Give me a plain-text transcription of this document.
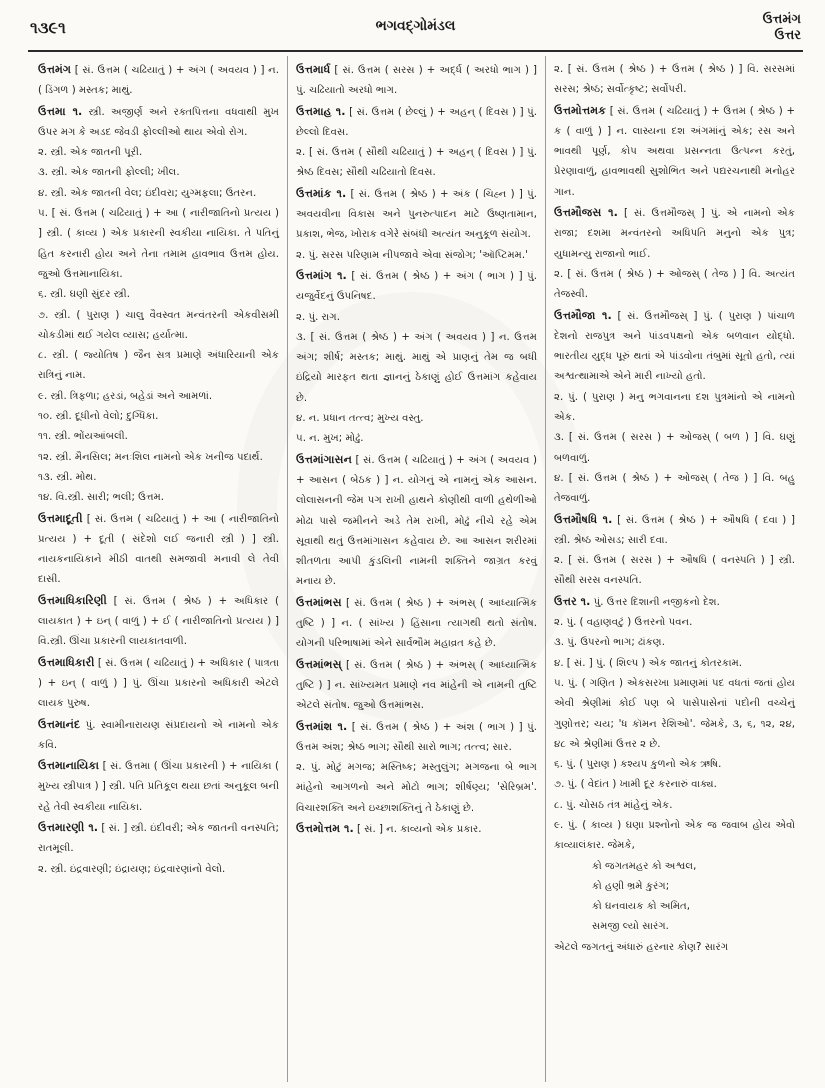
૧૩૯૧	ભગવદ્ગોમંડલ	ઉત્તમંગ
ઉત્તર

ઉત્તમંગ [ સં. ઉત્તમ ( ચઢિયાતું ) + અંગ ( અવયવ ) ] ન. ( ડિંગળ ) મસ્તક; માથું.

ઉત્તમા ૧. સ્ત્રી. અજીર્ણ અને રક્તપિત્તના વધવાથી મુખ ઉપર મગ કે અડદ જેવડી ફોલ્લીઓ થાય એવો રોગ.

૨. સ્ત્રી. એક જાતની પૂરી.

૩. સ્ત્રી. એક જાતની ફોલ્લી; ખીલ.

૪. સ્ત્રી. એક જાતની વેલ; ઇંદીવરા; યુગ્મફલા; ઉતરન.

૫. [ સં. ઉત્તમ ( ચઢિયાતું ) + આ ( નારીજાતિનો પ્રત્યય ) ] સ્ત્રી. ( કાવ્ય ) એક પ્રકારની સ્વકીયા નાયિકા. તે પતિનું હિત કરનારી હોય અને તેના તમામ હાવભાવ ઉત્તમ હોય. જુઓ ઉત્તમાનાયિકા.

૬. સ્ત્રી. ઘણી સુંદર સ્ત્રી.

૭. સ્ત્રી. ( પુરાણ ) ચાલુ વૈવસ્વત મન્વંતરની એકવીસમી ચોકડીમાં થઈ ગયેલ વ્યાસ; હર્યાત્મા.

૮. સ્ત્રી. ( જ્યોતિષ ) જૈન સત્ર પ્રમાણે અંધારિયાની એક રાત્રિનું નામ.

૯. સ્ત્રી. ત્રિફળા; હરડાં, બહેડાં અને આમળાં.

૧૦. સ્ત્રી. દૂધીનો વેલો; દુગ્ધિકા.

૧૧. સ્ત્રી. ભોંયઆંબલી.

૧૨. સ્ત્રી. મૈનસિલ; મનઃશિલ નામનો એક ખનીજ પદાર્થ.

૧૩. સ્ત્રી. મોથ.

૧૪. વિ.સ્ત્રી. સારી; ભલી; ઉત્તમ.

ઉત્તમાદૂતી [ સં. ઉત્તમ ( ચઢિયાતું ) + આ ( નારીજાતિનો પ્રત્યય ) + દૂતી ( સંદેશો લઈ જનારી સ્ત્રી ) ] સ્ત્રી. નાયકનાયિકાને મીઠી વાતથી સમજાવી મનાવી લે તેવી દાસી.

ઉત્તમાધિકારિણી [ સં. ઉત્તમ ( શ્રેષ્ઠ ) + અધિકાર ( લાયકાત ) + ઇન્ ( વાળું ) + ઈ ( નારીજાતિનો પ્રત્યય ) ] વિ.સ્ત્રી. ઊંચા પ્રકારની લાયકાતવાળી.

ઉત્તમાધિકારી [ સં. ઉત્તમ ( ચઢિયાતું ) + અધિકાર ( પાત્રતા ) + ઇન્ ( વાળું ) ] પું. ઊંચા પ્રકારનો અધિકારી એટલે લાયક પુરુષ.

ઉત્તમાનંદ પું. સ્વામીનારાયણ સંપ્રદાયનો એ નામનો એક કવિ.

ઉત્તમાનાયિકા [ સં. ઉત્તમા ( ઊંચા પ્રકારની ) + નાયિકા ( મુખ્ય સ્ત્રીપાત્ર ) ] સ્ત્રી. પતિ પ્રતિકૂલ થયા છતાં અનુકૂલ બની રહે તેવી સ્વકીયા નાયિકા.

ઉત્તમારણી ૧. [ સં. ] સ્ત્રી. ઇંદીવરી; એક જાતની વનસ્પતિ; રાતમૂલી.

૨. સ્ત્રી. ઇંદ્રવારણી; ઇંદ્રાયણ; ઇંદ્રવારણાંનો વેલો.

ઉત્તમાર્ધ [ સં. ઉત્તમ ( સરસ ) + અર્દ્ધ ( અરધો ભાગ ) ] પું. ચઢિયાતો અરધો ભાગ.

ઉત્તમાહ ૧. [ સં. ઉત્તમ ( છેલ્લું ) + અહન્ ( દિવસ ) ] પું. છેલ્લો દિવસ.

૨. [ સં. ઉત્તમ ( સૌથી ચઢિયાતું ) + અહન્ ( દિવસ ) ] પું. શ્રેષ્ઠ દિવસ; સૌથી ચઢિયાતો દિવસ.

ઉત્તમાંક ૧. [ સં. ઉત્તમ ( શ્રેષ્ઠ ) + અંક ( ચિહ્ન ) ] પું. અવયવીના વિકાસ અને પુનરુત્પાદન માટે ઉષ્ણતામાન, પ્રકાશ, ભેજ, ખોરાક વગેરે સંબંધી અત્યંત અનુકૂળ સંયોગ.

૨. પું. સરસ પરિણામ નીપજાવે એવા સંજોગ; 'ઑપ્ટિમમ.'

ઉત્તમાંગ ૧. [ સં. ઉત્તમ ( શ્રેષ્ઠ ) + અંગ ( ભાગ ) ] પું. યજુર્વેદનું ઉપનિષદ.

૨. પું. રાગ.

૩. [ સં. ઉત્તમ ( શ્રેષ્ઠ ) + અંગ ( અવયવ ) ] ન. ઉત્તમ અંગ; શીર્ષ; મસ્તક; માથું. માથું એ પ્રાણનું તેમ જ બધી ઇંદ્રિયો મારફત થતા જ્ઞાનનું ઠેકાણું હોઈ ઉત્તમાંગ કહેવાય છે.

૪. ન. પ્રધાન તત્ત્વ; મુખ્ય વસ્તુ.

૫. ન. મુખ; મોઢું.

ઉત્તમાંગાસન [ સં. ઉત્તમ ( ચઢિયાતું ) + અંગ ( અવયવ ) + આસન ( બેઠક ) ] ન. યોગનું એ નામનું એક આસન. લોલાસનની જેમ પગ રાખી હાથને કોણીથી વાળી હથેળીઓ મોઢા પાસે જમીનને અડે તેમ રાખી, મોઢું નીચે રહે એમ સૂવાથી થતું ઉત્તમાંગાસન કહેવાય છે. આ આસન શરીરમાં શીતળતા આપી કુંડલિની નામની શક્તિને જાગ્રત કરવું મનાય છે.

ઉત્તમાંભસ [ સં. ઉત્તમ ( શ્રેષ્ઠ ) + અંભસ્ ( આધ્યાત્મિક તુષ્ટિ ) ] ન. ( સાંખ્ય ) હિંસાના ત્યાગથી થતો સંતોષ. યોગની પરિભાષામાં એને સાર્વભૌમ મહાવ્રત કહે છે.

ઉત્તમાંભસ્ [ સં. ઉત્તમ ( શ્રેષ્ઠ ) + અંભસ્ ( આધ્યાત્મિક તુષ્ટિ ) ] ન. સાંખ્યમત પ્રમાણે નવ માંહેની એ નામની તુષ્ટિ એટલે સંતોષ. જુઓ ઉત્તમાંભસ.

ઉત્તમાંશ ૧. [ સં. ઉત્તમ ( શ્રેષ્ઠ ) + અંશ ( ભાગ ) ] પું. ઉત્તમ અંશ; શ્રેષ્ઠ ભાગ; સૌથી સારો ભાગ; તત્ત્વ; સાર.

૨. પું. મોટું મગજ; મસ્તિષ્ક; મસ્તુલુંગ; મગજના બે ભાગ માંહેનો આગળનો અને મોટો ભાગ; શીર્ષણ્ય; 'સેરિબ્રમ'. વિચારશક્તિ અને ઇચ્છાશક્તિનું તે ઠેકાણું છે.

ઉત્તમોત્તમ ૧. [ સં. ] ન. કાવ્યનો એક પ્રકાર.

૨. [ સં. ઉત્તમ ( શ્રેષ્ઠ ) + ઉત્તમ ( શ્રેષ્ઠ ) ] વિ. સરસમાં સરસ; શ્રેષ્ઠ; સર્વોત્કૃષ્ટ; સર્વોપરી.

ઉત્તમોત્તમક [ સં. ઉત્તમ ( ચઢિયાતું ) + ઉત્તમ ( શ્રેષ્ઠ ) + ક ( વાળું ) ] ન. લાસ્યના દશ અંગમાંનું એક; રસ અને ભાવથી પૂર્ણ, કોપ અથવા પ્રસન્નતા ઉત્પન્ન કરતું, પ્રેરણાવાળું, હાવભાવથી સુશોભિત અને પદ્યરચનાથી મનોહર ગાન.

ઉત્તમૌજસ ૧. [ સં. ઉત્તમૌજસ્ ] પું. એ નામનો એક રાજા; દશમા મન્વંતરનો અધિપતિ મનુનો એક પુત્ર; યુધામન્યુ રાજાનો ભાઈ.

૨. [ સં. ઉત્તમ ( શ્રેષ્ઠ ) + ઓજસ્ ( તેજ ) ] વિ. અત્યંત તેજસ્વી.

ઉત્તમૌજા ૧. [ સં. ઉત્તમૌજસ્ ] પું. ( પુરાણ ) પાંચાળ દેશનો રાજપુત્ર અને પાંડવપક્ષનો એક બળવાન યોદ્ધો. ભારતીય યુદ્ધ પૂરું થતાં એ પાંડવોના તંબુમાં સૂતો હતો, ત્યાં અશ્વત્થામાએ એને મારી નાખ્યો હતો.

૨. પું. ( પુરાણ ) મનુ ભગવાનના દશ પુત્રમાંનો એ નામનો એક.

૩. [ સં. ઉત્તમ ( સરસ ) + ઓજસ્ ( બળ ) ] વિ. ઘણું બળવાળું.

૪. [ સં. ઉત્તમ ( શ્રેષ્ઠ ) + ઓજસ્ ( તેજ ) ] વિ. બહુ તેજવાળું.

ઉત્તમૌષધિ ૧. [ સં. ઉત્તમ ( શ્રેષ્ઠ ) + ઔષધિ ( દવા ) ] સ્ત્રી. શ્રેષ્ઠ ઓસડ; સારી દવા.

૨. [ સં. ઉત્તમ ( સરસ ) + ઔષધિ ( વનસ્પતિ ) ] સ્ત્રી. સૌથી સરસ વનસ્પતિ.

ઉત્તર ૧. પું. ઉત્તર દિશાની નજીકનો દેશ.

૨. પું. ( વહાણવટું ) ઉત્તરનો પવન.

૩. પું. ઉપરનો ભાગ; ઢાંકણ.

૪. [ સં. ] પું. ( શિલ્પ ) એક જાતનું કોતરકામ.

૫. પું. ( ગણિત ) એકસરખા પ્રમાણમાં પદ વધતાં જતાં હોય એવી શ્રેણીમાં કોઈ પણ બે પાસેપાસેનાં પદોની વચ્ચેનું ગુણોત્તર; ચય; 'ધ કૉમન રેશિઓ'. જેમકે, ૩, ૬, ૧૨, ૨૪, ૪૮ એ શ્રેણીમાં ઉત્તર ૨ છે.

૬. પું. ( પુરાણ ) કશ્યપ કુળનો એક ઋષિ.

૭. પું. ( વેદાંત ) ખામી દૂર કરનારું વાક્ય.

૮. પું. ચોસઠ તંત્ર માંહેનું એક.

૯. પું. ( કાવ્ય ) ઘણા પ્રશ્નોનો એક જ જવાબ હોય એવો કાવ્યાલંકાર. જેમકે,

કો જગતમહર કો અશ્વલ,

કો હણી ભ્રમે કુરંગ;

કો ઘનવાયક કો અમિત,

સમજી લ્યો સારંગ.

એટલે જગતનું અંધારું હરનાર કોણ? સારંગ
